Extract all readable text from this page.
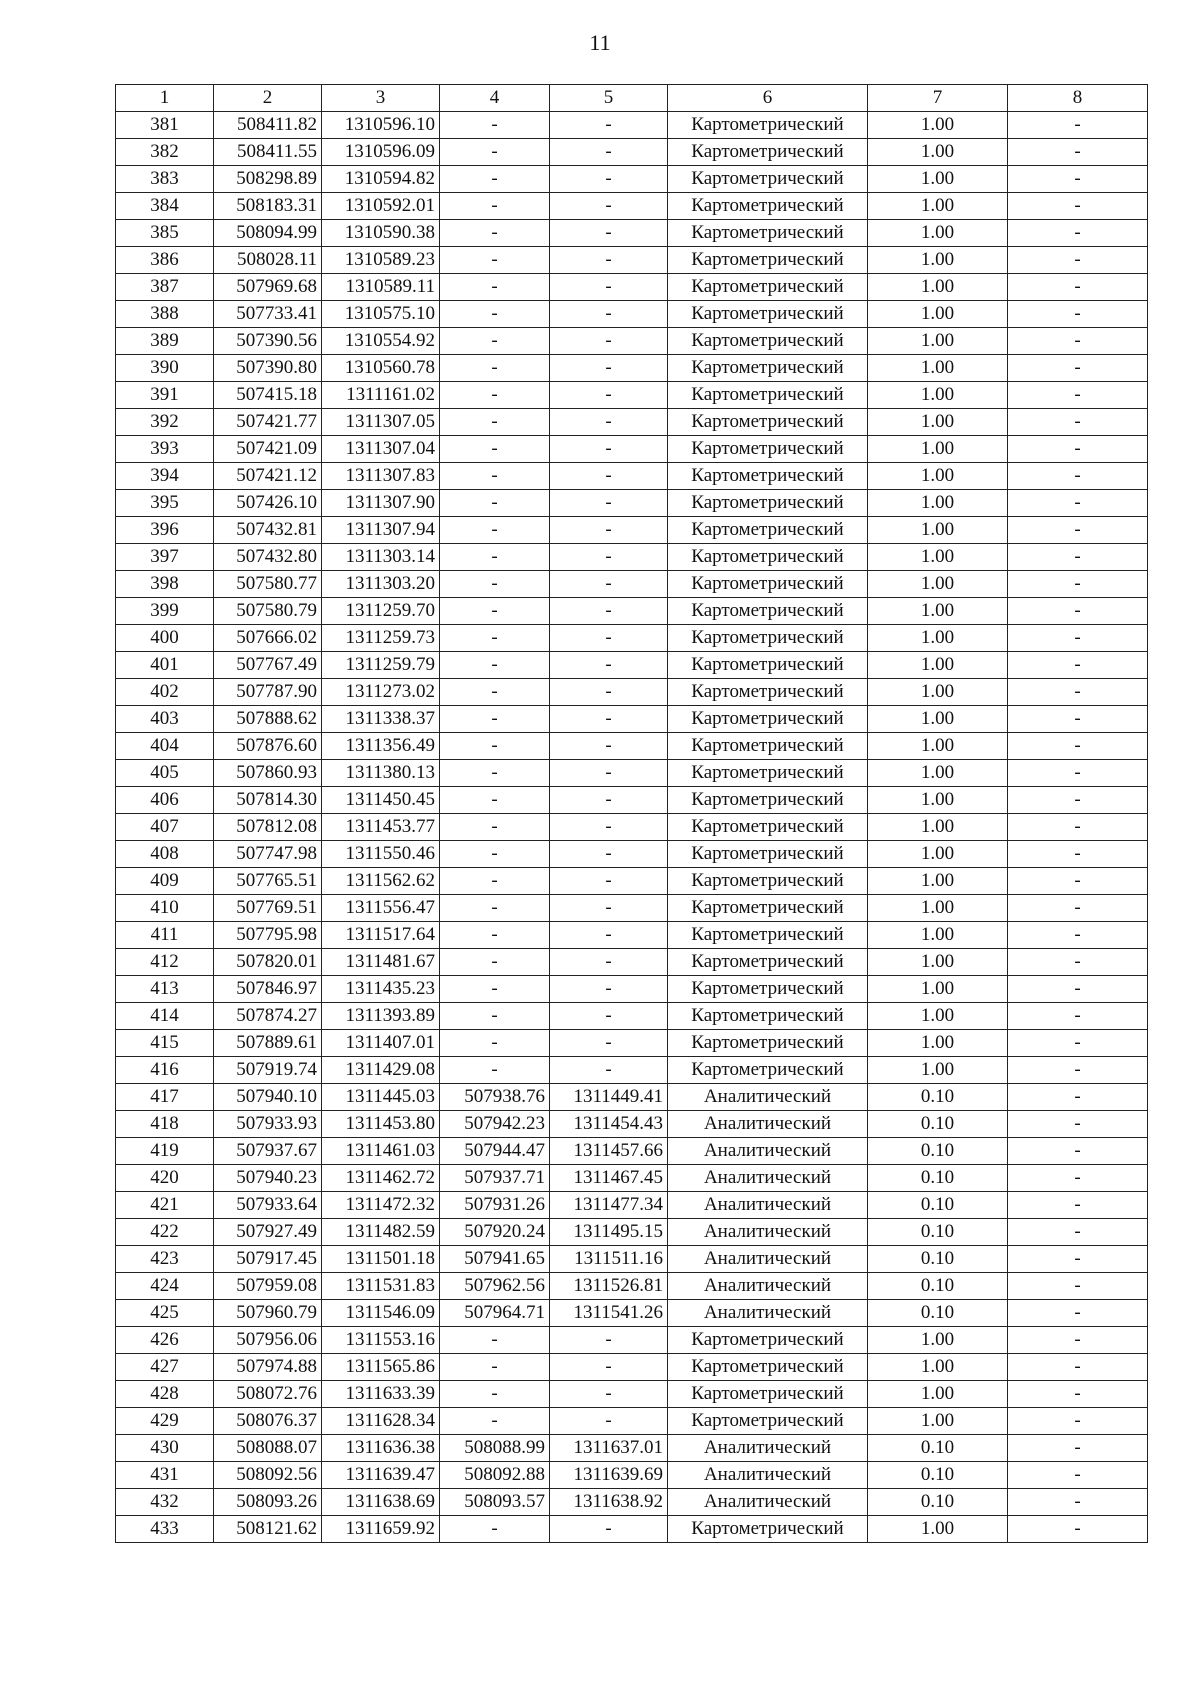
11
1	2	3	4	5	6	7	8
381	508411.82	1310596.10	-	-	Картометрический	1.00	-
382	508411.55	1310596.09	-	-	Картометрический	1.00	-
383	508298.89	1310594.82	-	-	Картометрический	1.00	-
384	508183.31	1310592.01	-	-	Картометрический	1.00	-
385	508094.99	1310590.38	-	-	Картометрический	1.00	-
386	508028.11	1310589.23	-	-	Картометрический	1.00	-
387	507969.68	1310589.11	-	-	Картометрический	1.00	-
388	507733.41	1310575.10	-	-	Картометрический	1.00	-
389	507390.56	1310554.92	-	-	Картометрический	1.00	-
390	507390.80	1310560.78	-	-	Картометрический	1.00	-
391	507415.18	1311161.02	-	-	Картометрический	1.00	-
392	507421.77	1311307.05	-	-	Картометрический	1.00	-
393	507421.09	1311307.04	-	-	Картометрический	1.00	-
394	507421.12	1311307.83	-	-	Картометрический	1.00	-
395	507426.10	1311307.90	-	-	Картометрический	1.00	-
396	507432.81	1311307.94	-	-	Картометрический	1.00	-
397	507432.80	1311303.14	-	-	Картометрический	1.00	-
398	507580.77	1311303.20	-	-	Картометрический	1.00	-
399	507580.79	1311259.70	-	-	Картометрический	1.00	-
400	507666.02	1311259.73	-	-	Картометрический	1.00	-
401	507767.49	1311259.79	-	-	Картометрический	1.00	-
402	507787.90	1311273.02	-	-	Картометрический	1.00	-
403	507888.62	1311338.37	-	-	Картометрический	1.00	-
404	507876.60	1311356.49	-	-	Картометрический	1.00	-
405	507860.93	1311380.13	-	-	Картометрический	1.00	-
406	507814.30	1311450.45	-	-	Картометрический	1.00	-
407	507812.08	1311453.77	-	-	Картометрический	1.00	-
408	507747.98	1311550.46	-	-	Картометрический	1.00	-
409	507765.51	1311562.62	-	-	Картометрический	1.00	-
410	507769.51	1311556.47	-	-	Картометрический	1.00	-
411	507795.98	1311517.64	-	-	Картометрический	1.00	-
412	507820.01	1311481.67	-	-	Картометрический	1.00	-
413	507846.97	1311435.23	-	-	Картометрический	1.00	-
414	507874.27	1311393.89	-	-	Картометрический	1.00	-
415	507889.61	1311407.01	-	-	Картометрический	1.00	-
416	507919.74	1311429.08	-	-	Картометрический	1.00	-
417	507940.10	1311445.03	507938.76	1311449.41	Аналитический	0.10	-
418	507933.93	1311453.80	507942.23	1311454.43	Аналитический	0.10	-
419	507937.67	1311461.03	507944.47	1311457.66	Аналитический	0.10	-
420	507940.23	1311462.72	507937.71	1311467.45	Аналитический	0.10	-
421	507933.64	1311472.32	507931.26	1311477.34	Аналитический	0.10	-
422	507927.49	1311482.59	507920.24	1311495.15	Аналитический	0.10	-
423	507917.45	1311501.18	507941.65	1311511.16	Аналитический	0.10	-
424	507959.08	1311531.83	507962.56	1311526.81	Аналитический	0.10	-
425	507960.79	1311546.09	507964.71	1311541.26	Аналитический	0.10	-
426	507956.06	1311553.16	-	-	Картометрический	1.00	-
427	507974.88	1311565.86	-	-	Картометрический	1.00	-
428	508072.76	1311633.39	-	-	Картометрический	1.00	-
429	508076.37	1311628.34	-	-	Картометрический	1.00	-
430	508088.07	1311636.38	508088.99	1311637.01	Аналитический	0.10	-
431	508092.56	1311639.47	508092.88	1311639.69	Аналитический	0.10	-
432	508093.26	1311638.69	508093.57	1311638.92	Аналитический	0.10	-
433	508121.62	1311659.92	-	-	Картометрический	1.00	-
